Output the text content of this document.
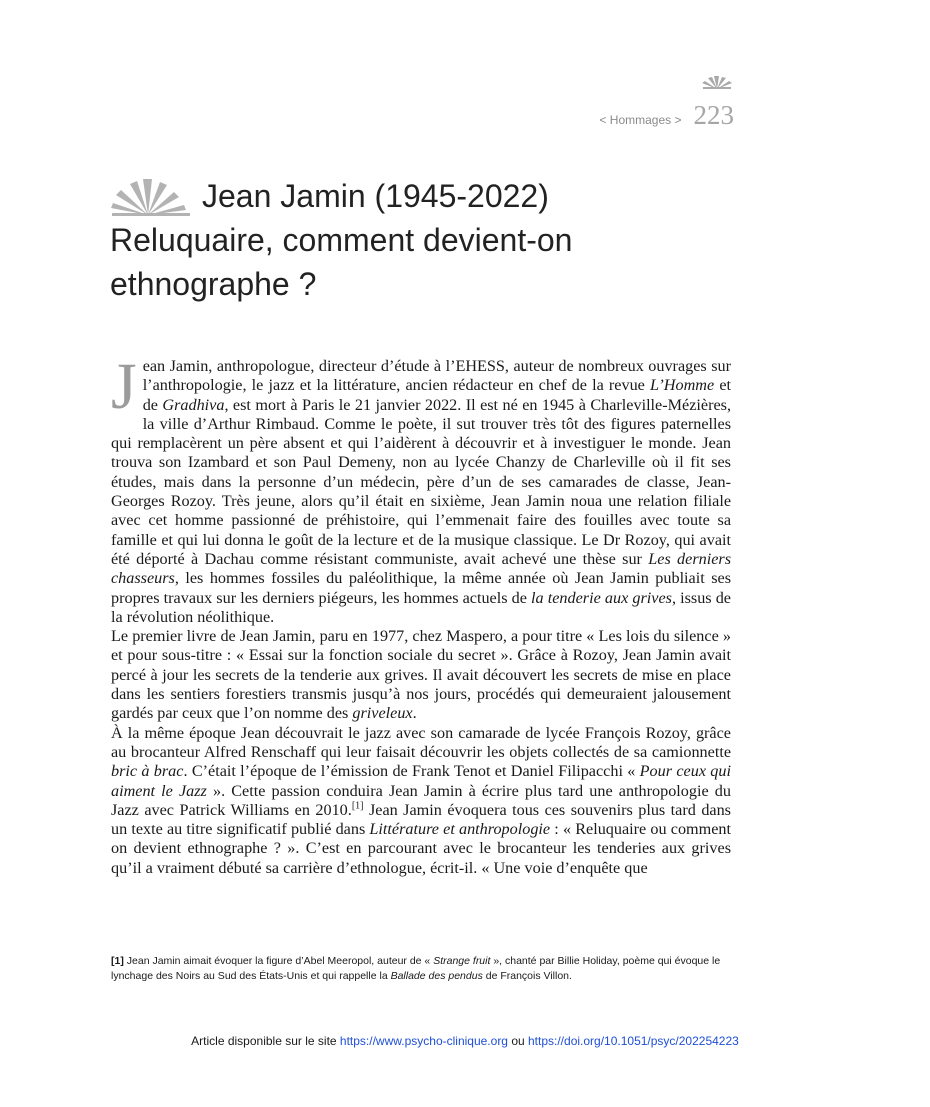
< Hommages > 223
Jean Jamin (1945-2022)
Reluquaire, comment devient-on
ethnographe ?

Jean Jamin, anthropologue, directeur d’étude à l’EHESS, auteur de nombreux ouvrages sur l’anthropologie, le jazz et la littérature, ancien rédacteur en chef de la revue L’Homme et de Gradhiva, est mort à Paris le 21 janvier 2022. Il est né en 1945 à Charleville-Mézières, la ville d’Arthur Rimbaud. Comme le poète, il sut trouver très tôt des figures paternelles qui remplacèrent un père absent et qui l’aidèrent à découvrir et à investiguer le monde. Jean trouva son Izambard et son Paul Demeny, non au lycée Chanzy de Charleville où il fit ses études, mais dans la personne d’un médecin, père d’un de ses camarades de classe, Jean-Georges Rozoy. Très jeune, alors qu’il était en sixième, Jean Jamin noua une relation filiale avec cet homme passionné de préhistoire, qui l’emmenait faire des fouilles avec toute sa famille et qui lui donna le goût de la lecture et de la musique classique. Le Dr Rozoy, qui avait été déporté à Dachau comme résistant communiste, avait achevé une thèse sur Les derniers chasseurs, les hommes fossiles du paléolithique, la même année où Jean Jamin publiait ses propres travaux sur les derniers piégeurs, les hommes actuels de la tenderie aux grives, issus de la révolution néolithique.

Le premier livre de Jean Jamin, paru en 1977, chez Maspero, a pour titre « Les lois du silence » et pour sous-titre : « Essai sur la fonction sociale du secret ». Grâce à Rozoy, Jean Jamin avait percé à jour les secrets de la tenderie aux grives. Il avait découvert les secrets de mise en place dans les sentiers forestiers transmis jusqu’à nos jours, procédés qui demeuraient jalousement gardés par ceux que l’on nomme des griveleux.

À la même époque Jean découvrait le jazz avec son camarade de lycée François Rozoy, grâce au brocanteur Alfred Renschaff qui leur faisait découvrir les objets collectés de sa camionnette bric à brac. C’était l’époque de l’émission de Frank Tenot et Daniel Filipacchi « Pour ceux qui aiment le Jazz ». Cette passion conduira Jean Jamin à écrire plus tard une anthropologie du Jazz avec Patrick Williams en 2010.[1] Jean Jamin évoquera tous ces souvenirs plus tard dans un texte au titre significatif publié dans Littérature et anthropologie : « Reluquaire ou comment on devient ethnographe ? ». C’est en parcourant avec le brocanteur les tenderies aux grives qu’il a vraiment débuté sa carrière d’ethnologue, écrit-il. « Une voie d’enquête que

[1] Jean Jamin aimait évoquer la figure d’Abel Meeropol, auteur de « Strange fruit », chanté par Billie Holiday, poème qui évoque le lynchage des Noirs au Sud des États-Unis et qui rappelle la Ballade des pendus de François Villon.

Article disponible sur le site https://www.psycho-clinique.org ou https://doi.org/10.1051/psyc/202254223
